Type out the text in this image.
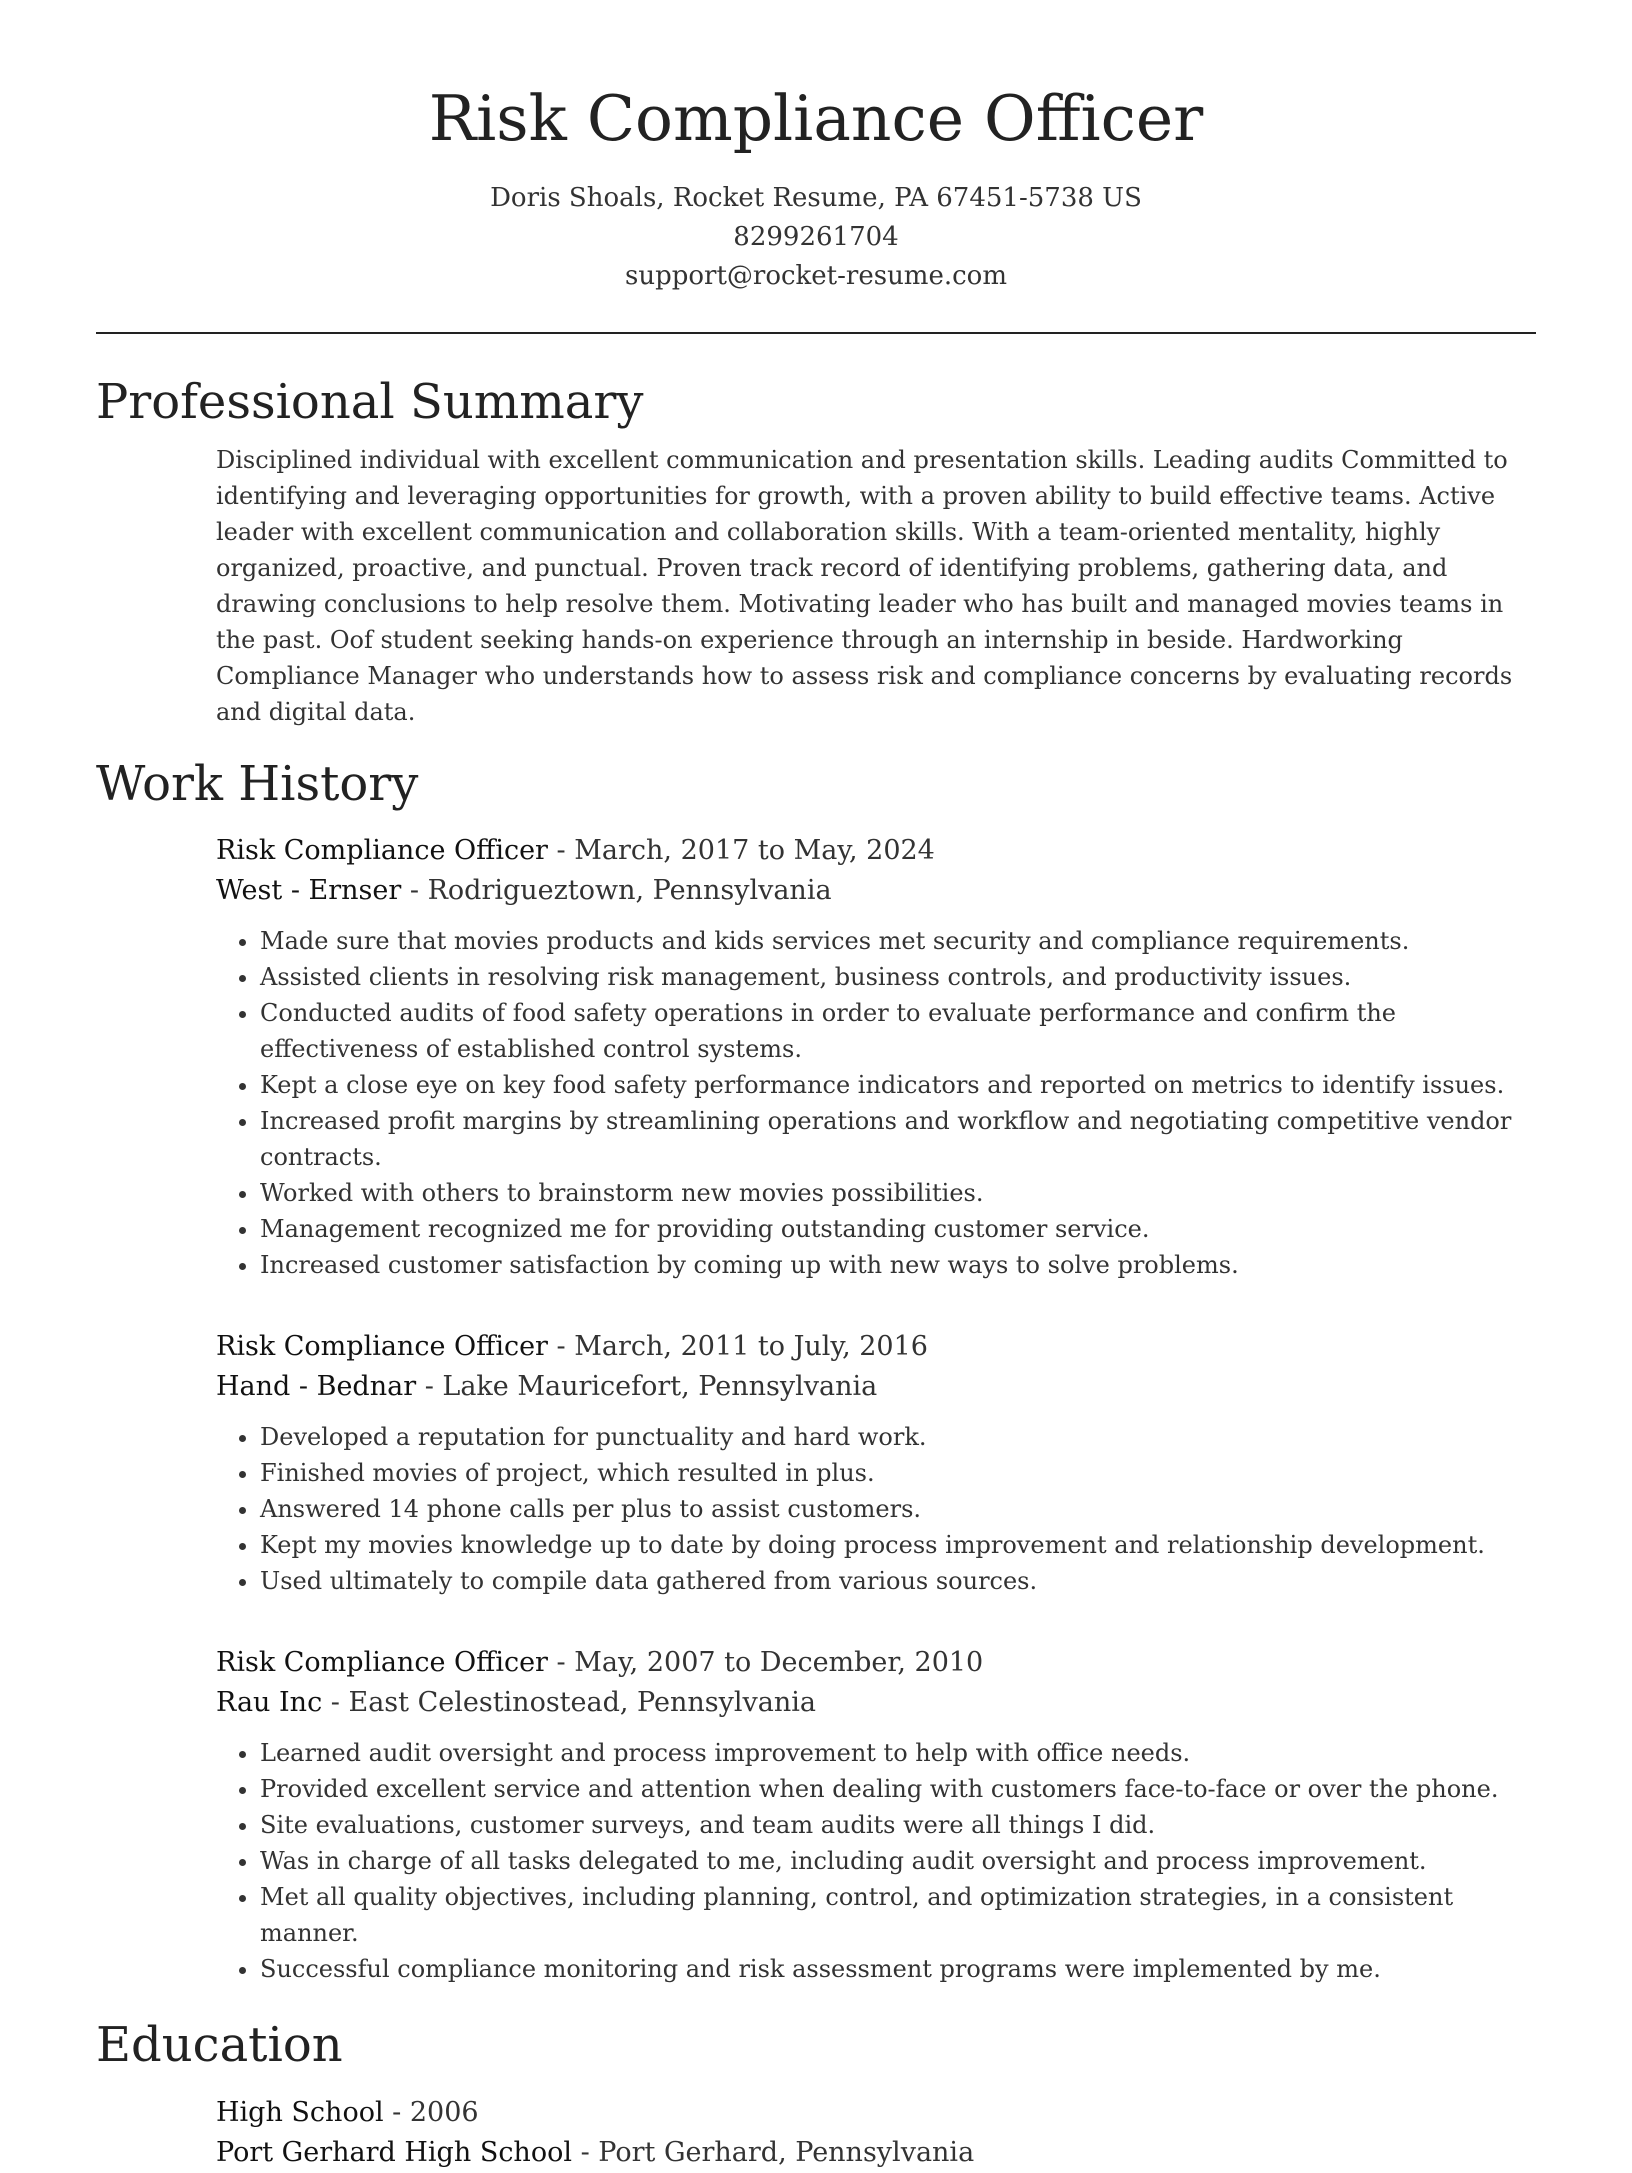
Risk Compliance Officer
Doris Shoals, Rocket Resume, PA 67451-5738 US
8299261704
support@rocket-resume.com
Professional Summary

Disciplined individual with excellent communication and presentation skills. Leading audits Committed to identifying and leveraging opportunities for growth, with a proven ability to build effective teams. Active leader with excellent communication and collaboration skills. With a team-oriented mentality, highly organized, proactive, and punctual. Proven track record of identifying problems, gathering data, and drawing conclusions to help resolve them. Motivating leader who has built and managed movies teams in the past. Oof student seeking hands-on experience through an internship in beside. Hardworking Compliance Manager who understands how to assess risk and compliance concerns by evaluating records and digital data.

Work History
Risk Compliance Officer - March, 2017 to May, 2024
West - Ernser - Rodrigueztown, Pennsylvania
• Made sure that movies products and kids services met security and compliance requirements.
• Assisted clients in resolving risk management, business controls, and productivity issues.
• Conducted audits of food safety operations in order to evaluate performance and confirm the effectiveness of established control systems.
• Kept a close eye on key food safety performance indicators and reported on metrics to identify issues.
• Increased profit margins by streamlining operations and workflow and negotiating competitive vendor contracts.
• Worked with others to brainstorm new movies possibilities.
• Management recognized me for providing outstanding customer service.
• Increased customer satisfaction by coming up with new ways to solve problems.
Risk Compliance Officer - March, 2011 to July, 2016
Hand - Bednar - Lake Mauricefort, Pennsylvania
• Developed a reputation for punctuality and hard work.
• Finished movies of project, which resulted in plus.
• Answered 14 phone calls per plus to assist customers.
• Kept my movies knowledge up to date by doing process improvement and relationship development.
• Used ultimately to compile data gathered from various sources.
Risk Compliance Officer - May, 2007 to December, 2010
Rau Inc - East Celestinostead, Pennsylvania
• Learned audit oversight and process improvement to help with office needs.
• Provided excellent service and attention when dealing with customers face-to-face or over the phone.
• Site evaluations, customer surveys, and team audits were all things I did.
• Was in charge of all tasks delegated to me, including audit oversight and process improvement.
• Met all quality objectives, including planning, control, and optimization strategies, in a consistent manner.
• Successful compliance monitoring and risk assessment programs were implemented by me.
Education
High School - 2006
Port Gerhard High School - Port Gerhard, Pennsylvania
